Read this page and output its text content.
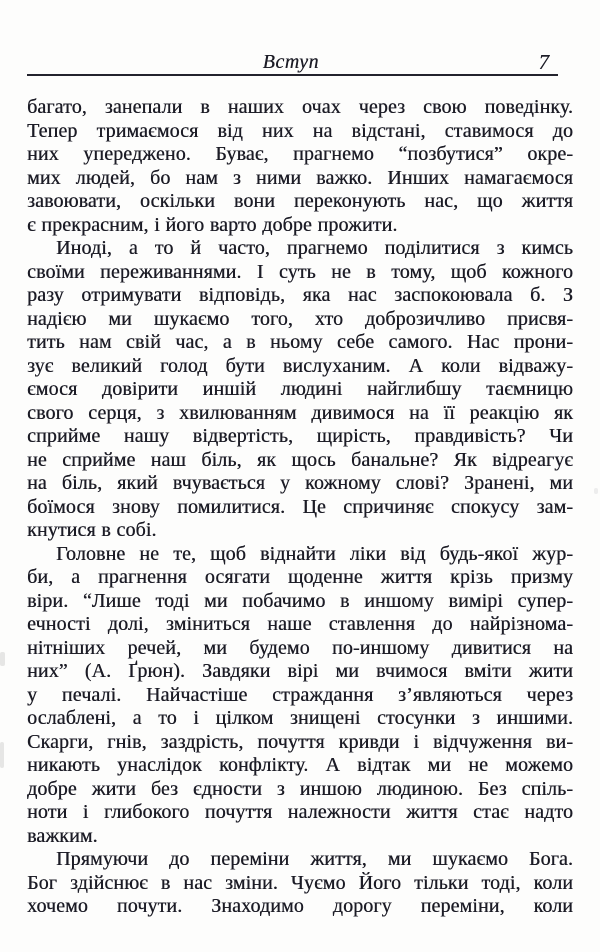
Вступ	7
багато, занепали в наших очах через свою поведінку.
Тепер тримаємося від них на відстані, ставимося до
них упереджено. Буває, прагнемо “позбутися” окре-
мих людей, бо нам з ними важко. Инших намагаємося
завоювати, оскільки вони переконують нас, що життя
є прекрасним, і його варто добре прожити.
Иноді, а то й часто, прагнемо поділитися з кимсь
своїми переживаннями. І суть не в тому, щоб кожного
разу отримувати відповідь, яка нас заспокоювала б. З
надією ми шукаємо того, хто доброзичливо присвя-
тить нам свій час, а в ньому себе самого. Нас прони-
зує великий голод бути вислуханим. А коли відважу-
ємося довірити иншій людині найглибшу таємницю
свого серця, з хвилюванням дивимося на її реакцію як
сприйме нашу відвертість, щирість, правдивість? Чи
не сприйме наш біль, як щось банальне? Як відреагує
на біль, який вчувається у кожному слові? Зранені, ми
боїмося знову помилитися. Це спричиняє спокусу зам-
кнутися в собі.
Головне не те, щоб віднайти ліки від будь-якої жур-
би, а прагнення осягати щоденне життя крізь призму
віри. “Лише тоді ми побачимо в иншому вимірі супер-
ечності долі, зміниться наше ставлення до найрізнома-
нітніших речей, ми будемо по-иншому дивитися на
них” (А. Ґрюн). Завдяки вірі ми вчимося вміти жити
у печалі. Найчастіше страждання з’являються через
ослаблені, а то і цілком знищені стосунки з иншими.
Скарги, гнів, заздрість, почуття кривди і відчуження ви-
никають унаслідок конфлікту. А відтак ми не можемо
добре жити без єдности з иншою людиною. Без спіль-
ноти і глибокого почуття належности життя стає надто
важким.
Прямуючи до переміни життя, ми шукаємо Бога.
Бог здійснює в нас зміни. Чуємо Його тільки тоді, коли
хочемо почути. Знаходимо дорогу переміни, коли
